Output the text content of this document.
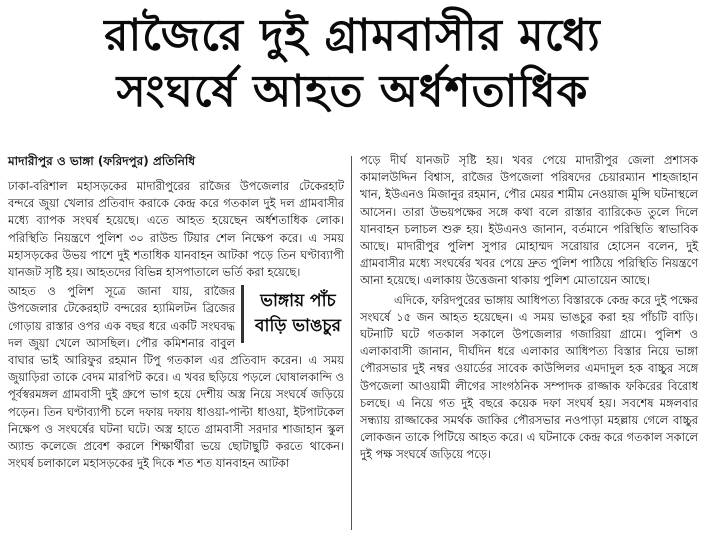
রাজৈরে দুই গ্রামবাসীর মধ্যে
সংঘর্ষে আহত অর্ধশতাধিক

মাদারীপুর ও ভাঙ্গা (ফরিদপুর) প্রতিনিধি

ঢাকা-বরিশাল মহাসড়কের মাদারীপুরের রাজৈর উপজেলার টেকেরহাট বন্দরে জুয়া খেলার প্রতিবাদ করাকে কেন্দ্র করে গতকাল দুই দল গ্রামবাসীর মধ্যে ব্যাপক সংঘর্ষ হয়েছে। এতে আহত হয়েছেন অর্ধশতাধিক লোক। পরিস্থিতি নিয়ন্ত্রণে পুলিশ ৩০ রাউন্ড টিয়ার শেল নিক্ষেপ করে। এ সময় মহাসড়কের উভয় পাশে দুই শতাধিক যানবাহন আটকা পড়ে তিন ঘণ্টাব্যাপী যানজট সৃষ্টি হয়। আহতদের বিভিন্ন হাসপাতালে ভর্তি করা হয়েছে।

ভাঙ্গায় পাঁচ
বাড়ি ভাঙচুর

আহত ও পুলিশ সূত্রে জানা যায়, রাজৈর উপজেলার টেকেরহাট বন্দরের হ্যামিলটন ব্রিজের গোড়ায় রাস্তার ওপর এক বছর ধরে একটি সংঘবদ্ধ দল জুয়া খেলে আসছিল। পৌর কমিশনার বাবুল বাঘার ভাই আরিফুর রহমান টিপু গতকাল এর প্রতিবাদ করেন। এ সময় জুয়াড়িরা তাকে বেদম মারপিট করে। এ খবর ছড়িয়ে পড়লে ঘোষালকান্দি ও পূর্বস্বরমঙ্গল গ্রামবাসী দুই গ্রুপে ভাগ হয়ে দেশীয় অস্ত্র নিয়ে সংঘর্ষে জড়িয়ে পড়েন। তিন ঘণ্টাব্যাপী চলে দফায় দফায় ধাওয়া-পাল্টা ধাওয়া, ইটপাটকেল নিক্ষেপ ও সংঘর্ষের ঘটনা ঘটে। অস্ত্র হাতে গ্রামবাসী সরদার শাজাহান স্কুল অ্যান্ড কলেজে প্রবেশ করলে শিক্ষার্থীরা ভয়ে ছোটাছুটি করতে থাকেন। সংঘর্ষ চলাকালে মহাসড়কের দুই দিকে শত শত যানবাহন আটকা

পড়ে দীর্ঘ যানজট সৃষ্টি হয়। খবর পেয়ে মাদারীপুর জেলা প্রশাসক কামালউদ্দিন বিশ্বাস, রাজৈর উপজেলা পরিষদের চেয়ারম্যান শাহজাহান খান, ইউএনও মিজানুর রহমান, পৌর মেয়র শামীম নেওয়াজ মুন্সি ঘটনাস্থলে আসেন। তারা উভয়পক্ষের সঙ্গে কথা বলে রাস্তার ব্যারিকেড তুলে দিলে যানবাহন চলাচল শুরু হয়। ইউএনও জানান, বর্তমানে পরিস্থিতি স্বাভাবিক আছে। মাদারীপুর পুলিশ সুপার মোহাম্মদ সরোয়ার হোসেন বলেন, দুই গ্রামবাসীর মধ্যে সংঘর্ষের খবর পেয়ে দ্রুত পুলিশ পাঠিয়ে পরিস্থিতি নিয়ন্ত্রণে আনা হয়েছে। এলাকায় উত্তেজনা থাকায় পুলিশ মোতায়েন আছে।

এদিকে, ফরিদপুরের ভাঙ্গায় আধিপত্য বিস্তারকে কেন্দ্র করে দুই পক্ষের সংঘর্ষে ১৫ জন আহত হয়েছেন। এ সময় ভাঙচুর করা হয় পাঁচটি বাড়ি। ঘটনাটি ঘটে গতকাল সকালে উপজেলার গজারিয়া গ্রামে। পুলিশ ও এলাকাবাসী জানান, দীর্ঘদিন ধরে এলাকার আধিপত্য বিস্তার নিয়ে ভাঙ্গা পৌরসভার দুই নম্বর ওয়ার্ডের সাবেক কাউন্সিলর এমদাদুল হক বাচ্চুর সঙ্গে উপজেলা আওয়ামী লীগের সাংগঠনিক সম্পাদক রাজ্জাক ফকিরের বিরোধ চলছে। এ নিয়ে গত দুই বছরে কয়েক দফা সংঘর্ষ হয়। সবশেষ মঙ্গলবার সন্ধ্যায় রাজ্জাকের সমর্থক জাকির পৌরসভার নওপাড়া মহল্লায় গেলে বাচ্চুর লোকজন তাকে পিটিয়ে আহত করে। এ ঘটনাকে কেন্দ্র করে গতকাল সকালে দুই পক্ষ সংঘর্ষে জড়িয়ে পড়ে।
